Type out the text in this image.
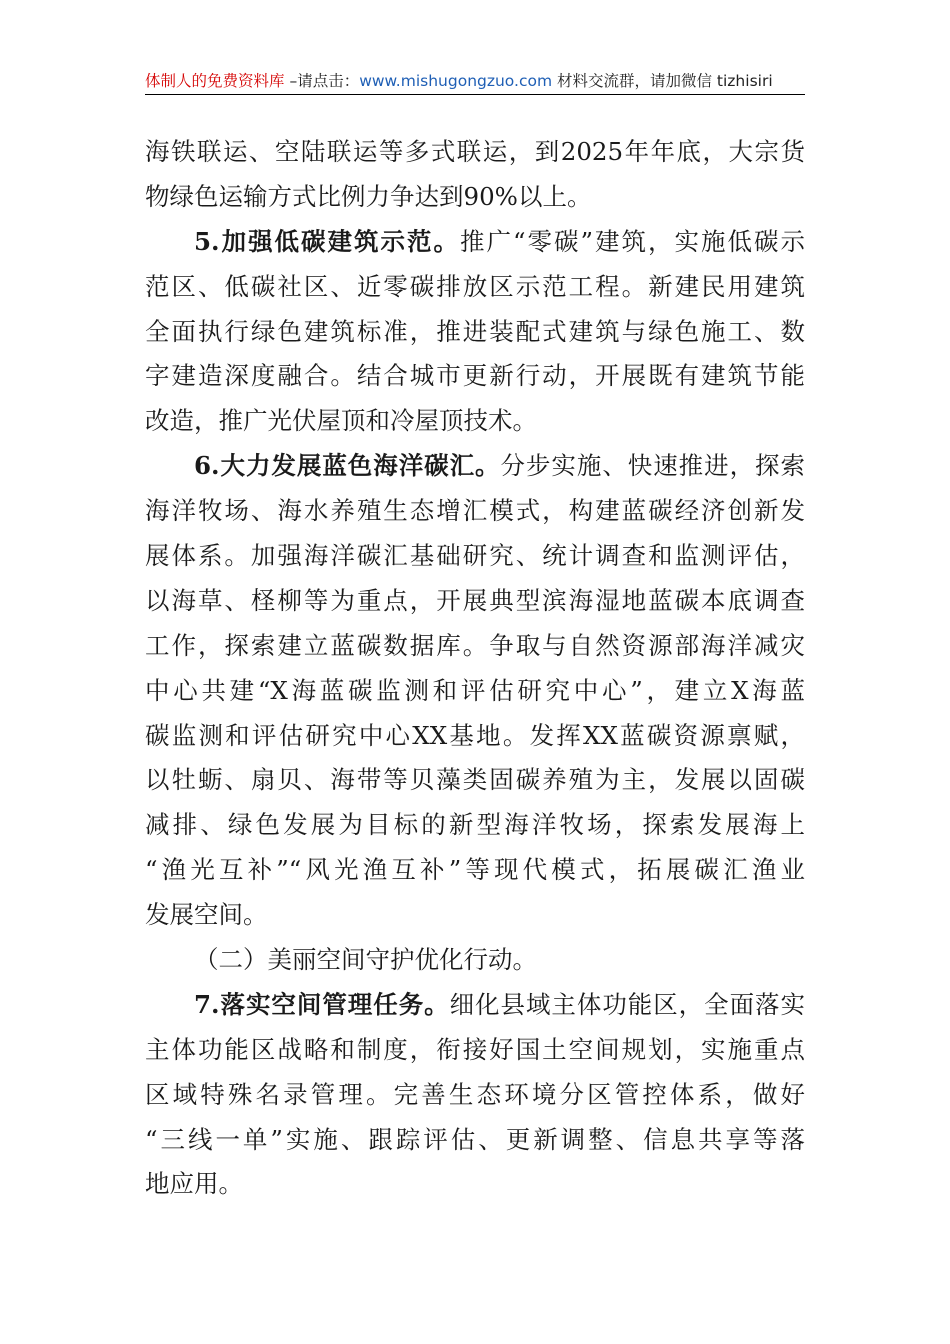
体制人的免费资料库 –请点击：www.mishugongzuo.com 材料交流群，请加微信 tizhisiri
海铁联运、空陆联运等多式联运，到2025年年底，大宗货
物绿色运输方式比例力争达到90%以上。
5.加强低碳建筑示范。推广“零碳”建筑，实施低碳示
范区、低碳社区、近零碳排放区示范工程。新建民用建筑
全面执行绿色建筑标准，推进装配式建筑与绿色施工、数
字建造深度融合。结合城市更新行动，开展既有建筑节能
改造，推广光伏屋顶和冷屋顶技术。
6.大力发展蓝色海洋碳汇。分步实施、快速推进，探索
海洋牧场、海水养殖生态增汇模式，构建蓝碳经济创新发
展体系。加强海洋碳汇基础研究、统计调查和监测评估，
以海草、柽柳等为重点，开展典型滨海湿地蓝碳本底调查
工作，探索建立蓝碳数据库。争取与自然资源部海洋减灾
中心共建“X海蓝碳监测和评估研究中心”，建立X海蓝
碳监测和评估研究中心XX基地。发挥XX蓝碳资源禀赋，
以牡蛎、扇贝、海带等贝藻类固碳养殖为主，发展以固碳
减排、绿色发展为目标的新型海洋牧场，探索发展海上
“渔光互补”“风光渔互补”等现代模式，拓展碳汇渔业
发展空间。
（二）美丽空间守护优化行动。
7.落实空间管理任务。细化县域主体功能区，全面落实
主体功能区战略和制度，衔接好国土空间规划，实施重点
区域特殊名录管理。完善生态环境分区管控体系，做好
“三线一单”实施、跟踪评估、更新调整、信息共享等落
地应用。
